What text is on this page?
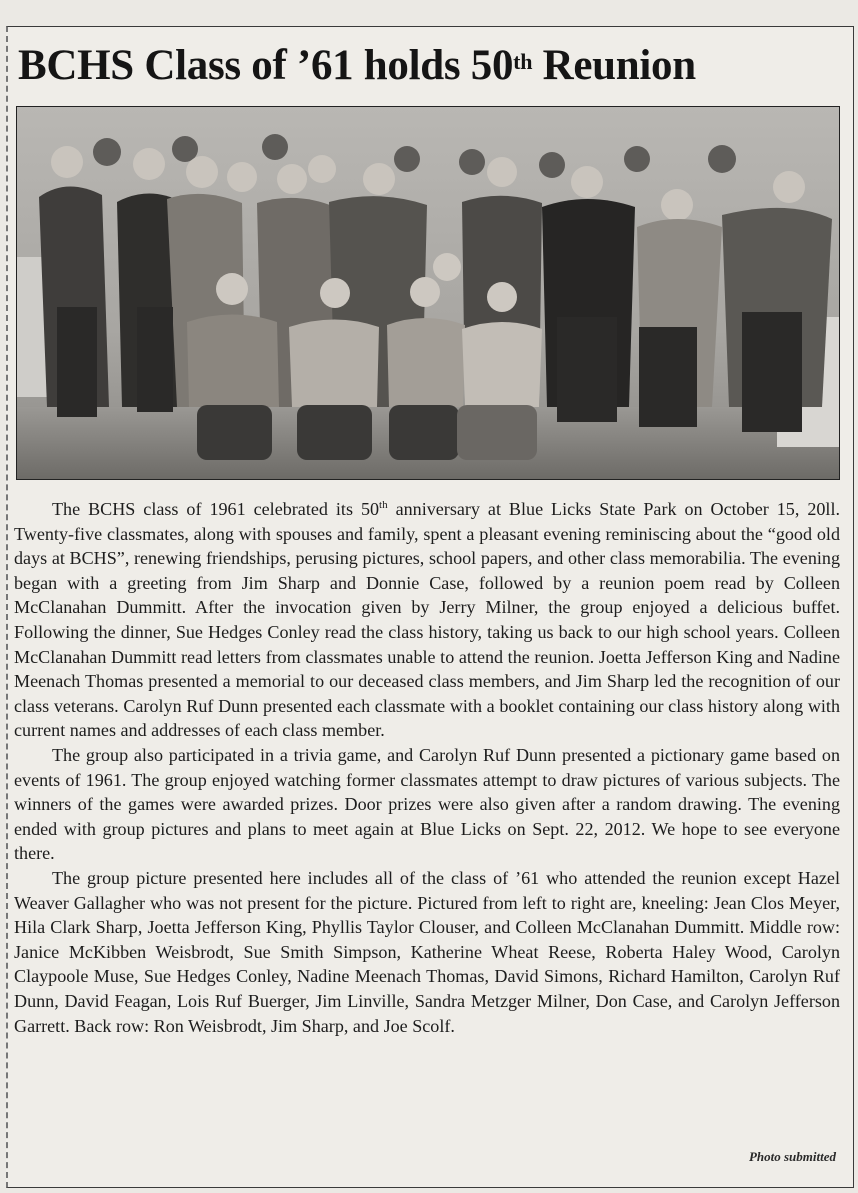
BCHS Class of ’61 holds 50th Reunion

The BCHS class of 1961 celebrated its 50th anniversary at Blue Licks State Park on October 15, 20ll. Twenty-five classmates, along with spouses and family, spent a pleasant evening reminiscing about the “good old days at BCHS”, renewing friendships, perusing pictures, school papers, and other class memorabilia. The evening began with a greeting from Jim Sharp and Donnie Case, followed by a reunion poem read by Colleen McClanahan Dummitt. After the invocation given by Jerry Milner, the group enjoyed a delicious buffet. Following the dinner, Sue Hedges Conley read the class history, taking us back to our high school years. Colleen McClanahan Dummitt read letters from classmates unable to attend the reunion. Joetta Jefferson King and Nadine Meenach Thomas presented a memorial to our deceased class members, and Jim Sharp led the recognition of our class veterans. Carolyn Ruf Dunn presented each classmate with a booklet containing our class history along with current names and addresses of each class member.

The group also participated in a trivia game, and Carolyn Ruf Dunn presented a pictionary game based on events of 1961. The group enjoyed watching former classmates attempt to draw pictures of various subjects. The winners of the games were awarded prizes. Door prizes were also given after a random drawing. The evening ended with group pictures and plans to meet again at Blue Licks on Sept. 22, 2012. We hope to see everyone there.

The group picture presented here includes all of the class of ’61 who attended the reunion except Hazel Weaver Gallagher who was not present for the picture. Pictured from left to right are, kneeling: Jean Clos Meyer, Hila Clark Sharp, Joetta Jefferson King, Phyllis Taylor Clouser, and Colleen McClanahan Dummitt. Middle row: Janice McKibben Weisbrodt, Sue Smith Simpson, Katherine Wheat Reese, Roberta Haley Wood, Carolyn Claypoole Muse, Sue Hedges Conley, Nadine Meenach Thomas, David Simons, Richard Hamilton, Carolyn Ruf Dunn, David Feagan, Lois Ruf Buerger, Jim Linville, Sandra Metzger Milner, Don Case, and Carolyn Jefferson Garrett. Back row: Ron Weisbrodt, Jim Sharp, and Joe Scolf.

Photo submitted
